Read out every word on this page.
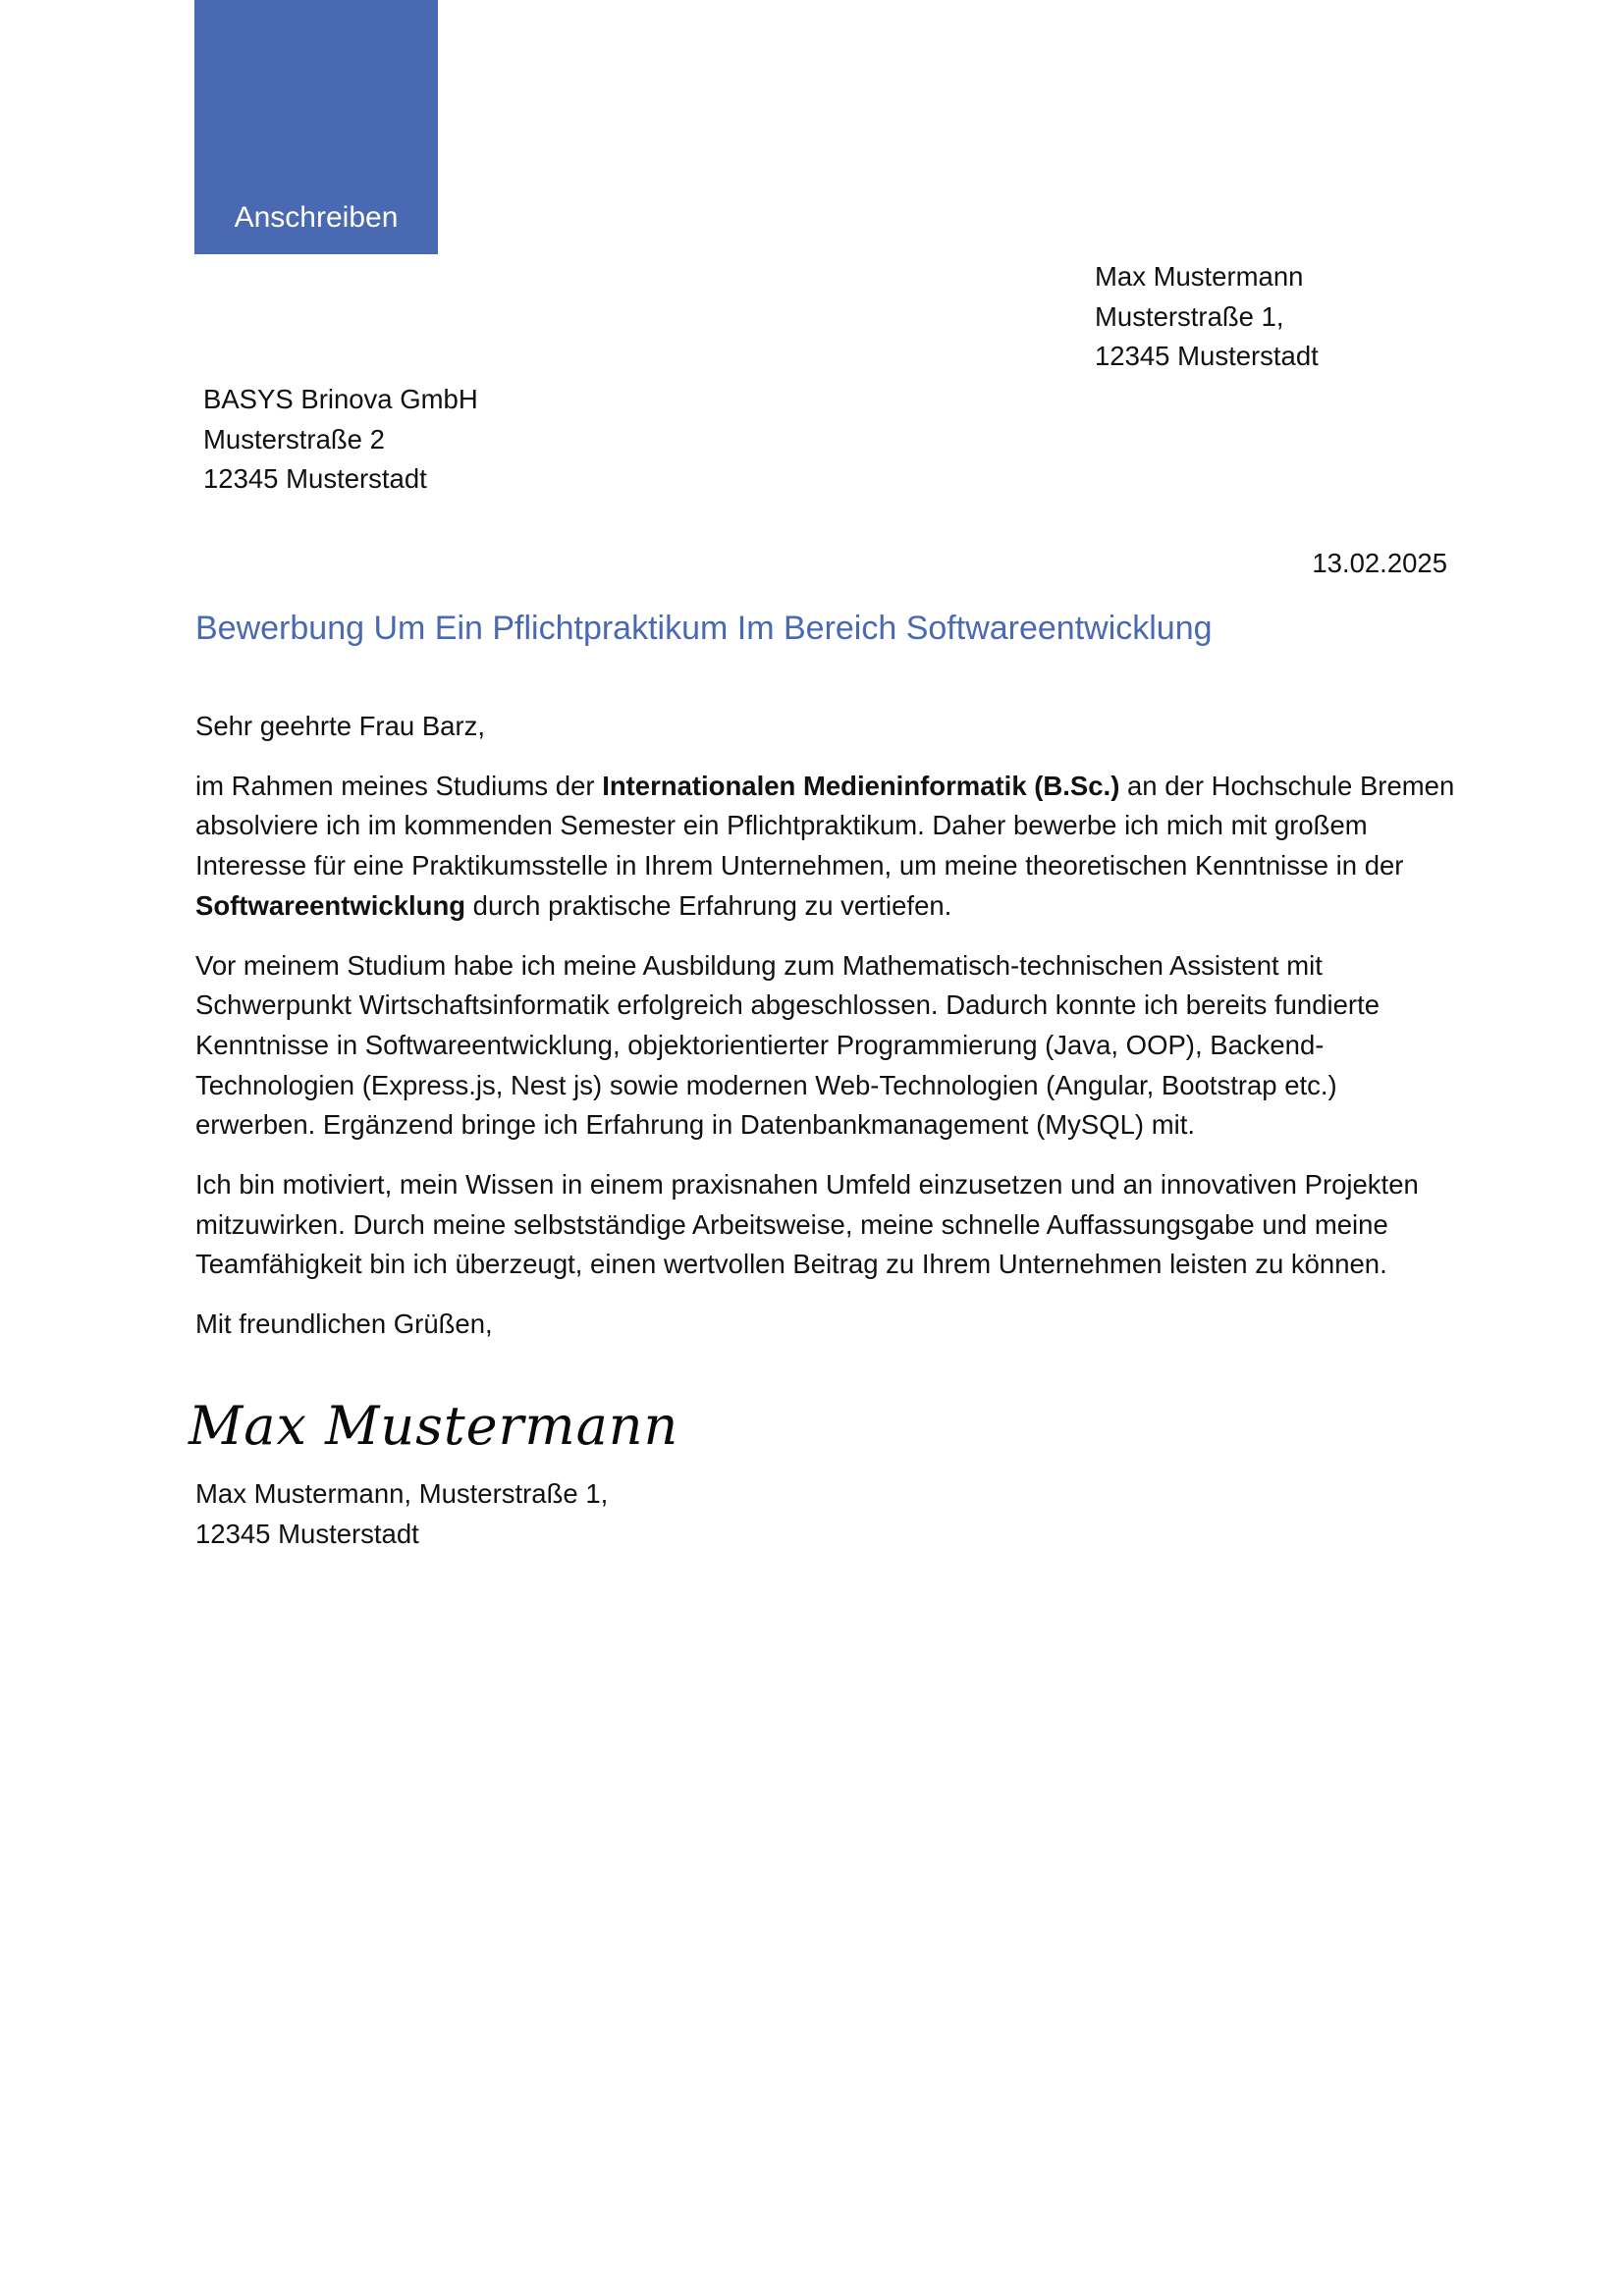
Anschreiben
Max Mustermann
Musterstraße 1,
12345 Musterstadt
BASYS Brinova GmbH
Musterstraße 2
12345 Musterstadt
13.02.2025
Bewerbung Um Ein Pflichtpraktikum Im Bereich Softwareentwicklung

Sehr geehrte Frau Barz,

im Rahmen meines Studiums der Internationalen Medieninformatik (B.Sc.) an der Hochschule Bremen absolviere ich im kommenden Semester ein Pflichtpraktikum. Daher bewerbe ich mich mit großem Interesse für eine Praktikumsstelle in Ihrem Unternehmen, um meine theoretischen Kenntnisse in der Softwareentwicklung durch praktische Erfahrung zu vertiefen.

Vor meinem Studium habe ich meine Ausbildung zum Mathematisch-technischen Assistent mit Schwerpunkt Wirtschaftsinformatik erfolgreich abgeschlossen. Dadurch konnte ich bereits fundierte Kenntnisse in Softwareentwicklung, objektorientierter Programmierung (Java, OOP), Backend-Technologien (Express.js, Nest js) sowie modernen Web-Technologien (Angular, Bootstrap etc.) erwerben. Ergänzend bringe ich Erfahrung in Datenbankmanagement (MySQL) mit.

Ich bin motiviert, mein Wissen in einem praxisnahen Umfeld einzusetzen und an innovativen Projekten mitzuwirken. Durch meine selbstständige Arbeitsweise, meine schnelle Auffassungsgabe und meine Teamfähigkeit bin ich überzeugt, einen wertvollen Beitrag zu Ihrem Unternehmen leisten zu können.

Mit freundlichen Grüßen,

Max Mustermann
Max Mustermann, Musterstraße 1,
12345 Musterstadt
